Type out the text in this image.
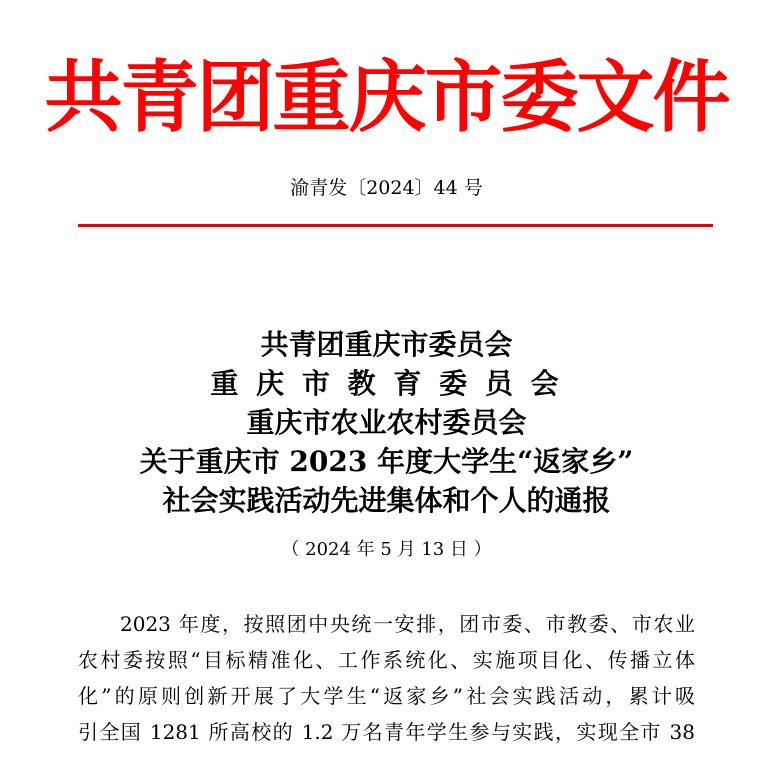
共青团重庆市委文件
渝青发〔2024〕44 号
共青团重庆市委员会
重 庆 市 教 育 委 员 会
重庆市农业农村委员会
关于重庆市 2023 年度大学生“返家乡”
社会实践活动先进集体和个人的通报
（ 2024 年 5 月 13 日 ）
2023 年度，按照团中央统一安排，团市委、市教委、市农业
农村委按照“目标精准化、工作系统化、实施项目化、传播立体
化”的原则创新开展了大学生“返家乡”社会实践活动，累计吸
引全国 1281 所高校的 1.2 万名青年学生参与实践，实现全市 38
